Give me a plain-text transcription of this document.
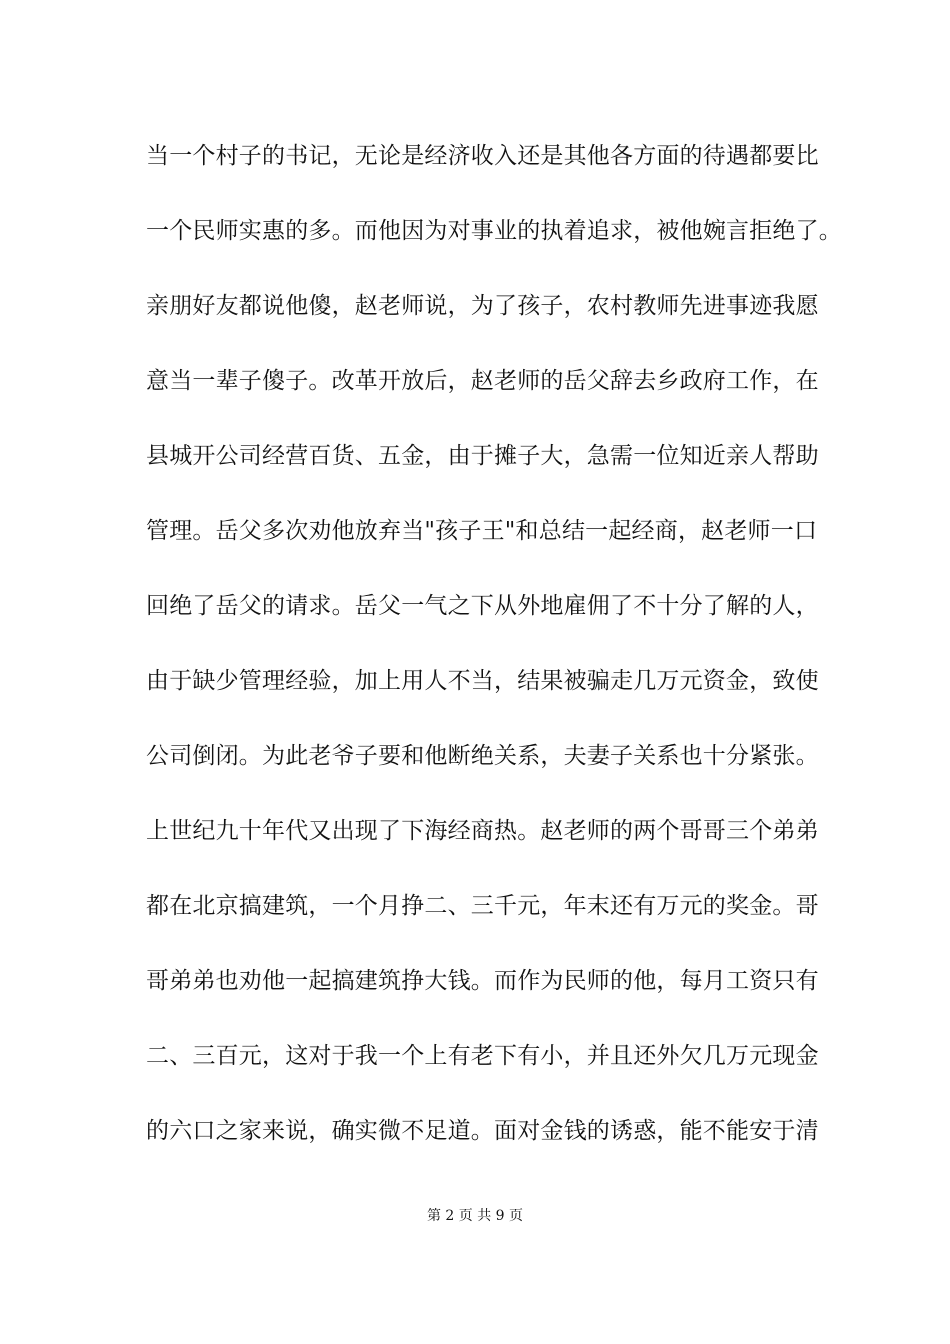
当一个村子的书记，无论是经济收入还是其他各方面的待遇都要比
一个民师实惠的多。而他因为对事业的执着追求，被他婉言拒绝了。
亲朋好友都说他傻，赵老师说，为了孩子，农村教师先进事迹我愿
意当一辈子傻子。改革开放后，赵老师的岳父辞去乡政府工作，在
县城开公司经营百货、五金，由于摊子大，急需一位知近亲人帮助
管理。岳父多次劝他放弃当"孩子王"和总结一起经商，赵老师一口
回绝了岳父的请求。岳父一气之下从外地雇佣了不十分了解的人，
由于缺少管理经验，加上用人不当，结果被骗走几万元资金，致使
公司倒闭。为此老爷子要和他断绝关系，夫妻子关系也十分紧张。
上世纪九十年代又出现了下海经商热。赵老师的两个哥哥三个弟弟
都在北京搞建筑，一个月挣二、三千元，年末还有万元的奖金。哥
哥弟弟也劝他一起搞建筑挣大钱。而作为民师的他，每月工资只有
二、三百元，这对于我一个上有老下有小，并且还外欠几万元现金
的六口之家来说，确实微不足道。面对金钱的诱惑，能不能安于清
第 2 页 共 9 页
